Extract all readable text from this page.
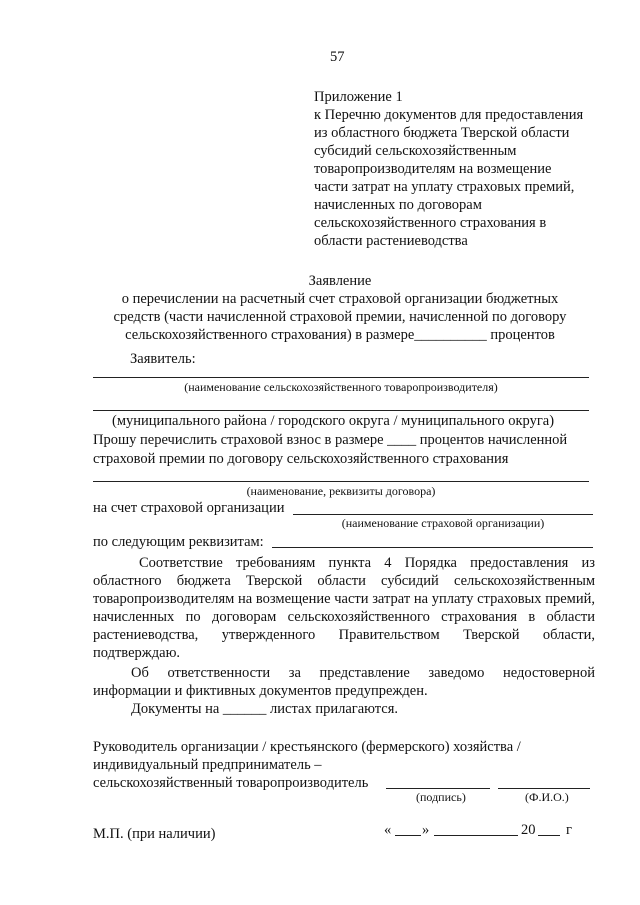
57
Приложение 1
к Перечню документов для предоставления
из областного бюджета Тверской области
субсидий сельскохозяйственным
товаропроизводителям на возмещение
части затрат на уплату страховых премий,
начисленных по договорам
сельскохозяйственного страхования в
области растениеводства
Заявление
о перечислении на расчетный счет страховой организации бюджетных
средств (части начисленной страховой премии, начисленной по договору
сельскохозяйственного страхования) в размере__________ процентов
Заявитель:
(наименование сельскохозяйственного товаропроизводителя)
(муниципального района / городского округа / муниципального округа)
Прошу перечислить страховой взнос в размере ____ процентов начисленной
страховой премии по договору сельскохозяйственного страхования
(наименование, реквизиты договора)
на счет страховой организации
(наименование страховой организации)
по следующим реквизитам:
Соответствие требованиям пункта 4 Порядка предоставления из областного бюджета Тверской области субсидий сельскохозяйственным товаропроизводителям на возмещение части затрат на уплату страховых премий, начисленных по договорам сельскохозяйственного страхования в области растениеводства, утвержденного Правительством Тверской области, подтверждаю.
Об ответственности за представление заведомо недостоверной информации и фиктивных документов предупрежден.
Документы на ______ листах прилагаются.
Руководитель организации / крестьянского (фермерского) хозяйства /
индивидуальный предприниматель –
сельскохозяйственный товаропроизводитель
(подпись)	(Ф.И.О.)
М.П. (при наличии)	« »	20 г
